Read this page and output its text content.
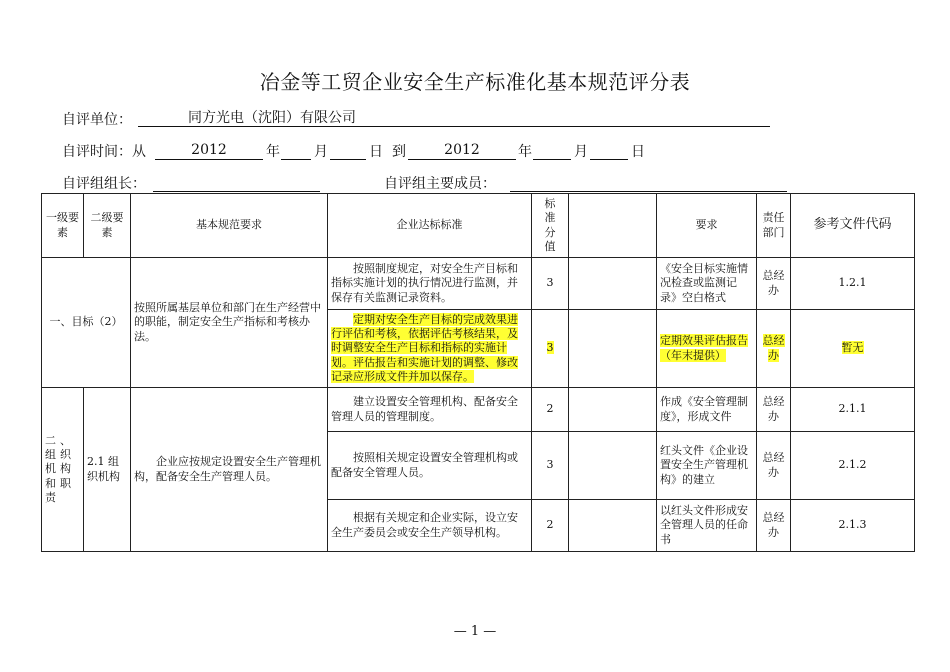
冶金等工贸企业安全生产标准化基本规范评分表
自评单位：	同方光电（沈阳）有限公司
自评时间：从	2012	年 月	日 到	2012	年	月	日
自评组组长：	自评组主要成员：
一级要素	二级要素	基本规范要求	企业达标标准	标准分值		要求	责任部门	参考文件代码
一、目标（2）		按照所属基层单位和部门在生产经营中的职能，制定安全生产指标和考核办法。	按照制度规定，对安全生产目标和指标实施计划的执行情况进行监测，并保存有关监测记录资料。	3		《安全目标实施情况检查或监测记录》空白格式	总经办	1.2.1
			定期对安全生产目标的完成效果进行评估和考核，依据评估考核结果，及时调整安全生产目标和指标的实施计划。评估报告和实施计划的调整、修改记录应形成文件并加以保存。	3		定期效果评估报告（年末提供）	总经办	暂无
二、组织机构和职责	2.1 组织机构	企业应按规定设置安全生产管理机构，配备安全生产管理人员。	建立设置安全管理机构、配备安全管理人员的管理制度。	2		作成《安全管理制度》，形成文件	总经办	2.1.1
			按照相关规定设置安全管理机构或配备安全管理人员。	3		红头文件《企业设置安全生产管理机构》的建立	总经办	2.1.2
			根据有关规定和企业实际，设立安全生产委员会或安全生产领导机构。	2		以红头文件形成安全管理人员的任命书	总经办	2.1.3
— 1 —
